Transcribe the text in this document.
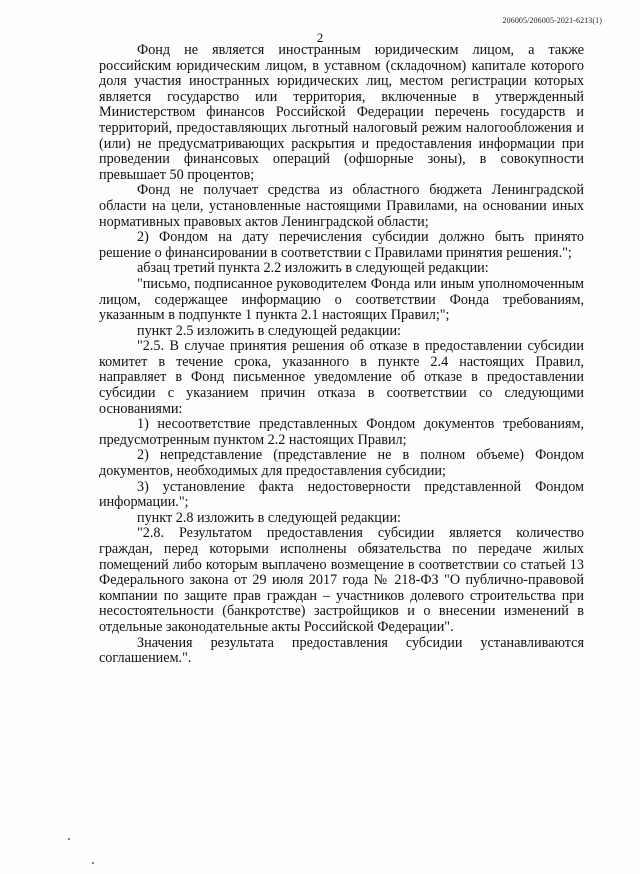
206005/206005-2021-6213(1)
2

Фонд не является иностранным юридическим лицом, а также российским юридическим лицом, в уставном (складочном) капитале которого доля участия иностранных юридических лиц, местом регистрации которых является государство или территория, включенные в утвержденный Министерством финансов Российской Федерации перечень государств и территорий, предоставляющих льготный налоговый режим налогообложения и (или) не предусматривающих раскрытия и предоставления информации при проведении финансовых операций (офшорные зоны), в совокупности превышает 50 процентов;

Фонд не получает средства из областного бюджета Ленинградской области на цели, установленные настоящими Правилами, на основании иных нормативных правовых актов Ленинградской области;

2) Фондом на дату перечисления субсидии должно быть принято решение о финансировании в соответствии с Правилами принятия решения.";

абзац третий пункта 2.2 изложить в следующей редакции:

"письмо, подписанное руководителем Фонда или иным уполномоченным лицом, содержащее информацию о соответствии Фонда требованиям, указанным в подпункте 1 пункта 2.1 настоящих Правил;";

пункт 2.5 изложить в следующей редакции:

"2.5. В случае принятия решения об отказе в предоставлении субсидии комитет в течение срока, указанного в пункте 2.4 настоящих Правил, направляет в Фонд письменное уведомление об отказе в предоставлении субсидии с указанием причин отказа в соответствии со следующими основаниями:

1) несоответствие представленных Фондом документов требованиям, предусмотренным пунктом 2.2 настоящих Правил;

2) непредставление (представление не в полном объеме) Фондом документов, необходимых для предоставления субсидии;

3) установление факта недостоверности представленной Фондом информации.";

пункт 2.8 изложить в следующей редакции:

"2.8. Результатом предоставления субсидии является количество граждан, перед которыми исполнены обязательства по передаче жилых помещений либо которым выплачено возмещение в соответствии со статьей 13 Федерального закона от 29 июля 2017 года № 218-ФЗ "О публично-правовой компании по защите прав граждан – участников долевого строительства при несостоятельности (банкротстве) застройщиков и о внесении изменений в отдельные законодательные акты Российской Федерации".

Значения результата предоставления субсидии устанавливаются соглашением.".
